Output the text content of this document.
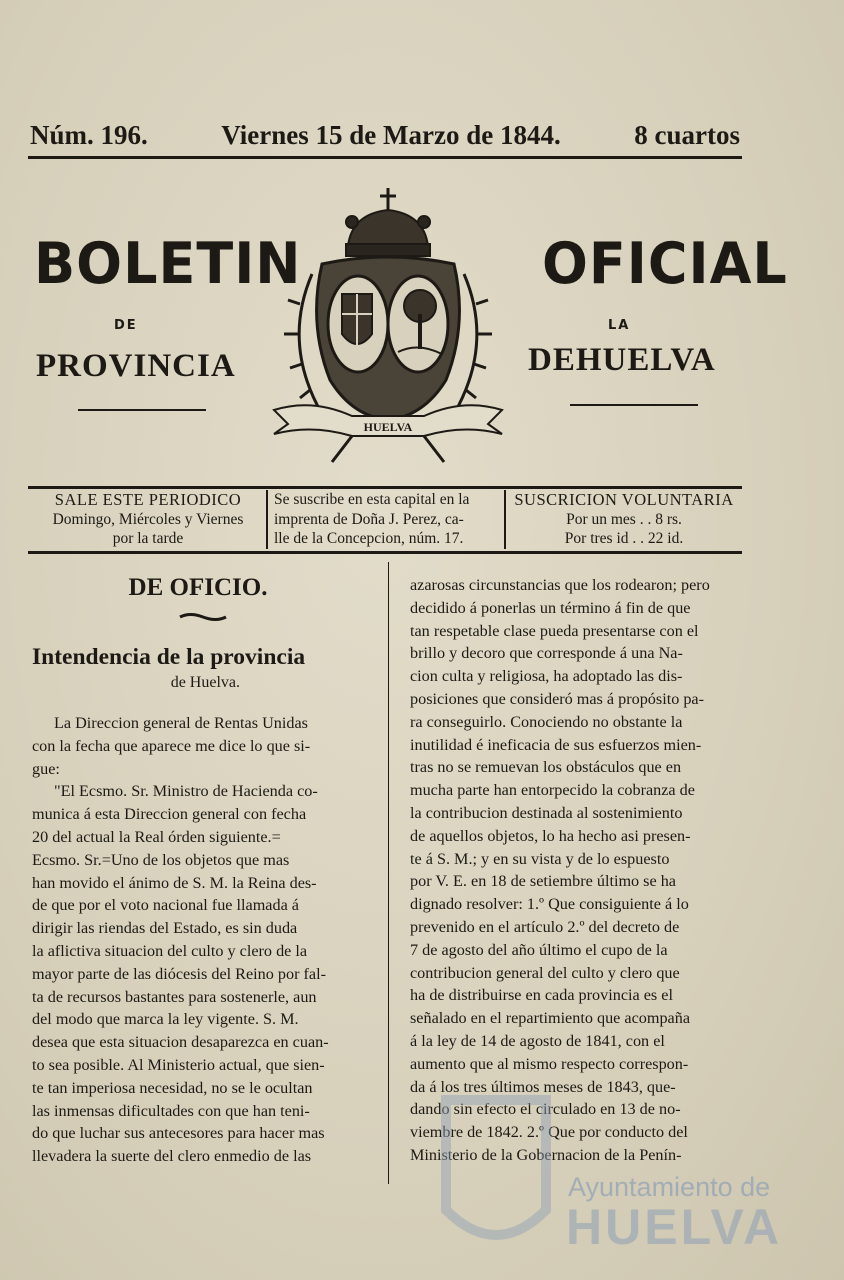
Núm. 196.	Viernes 15 de Marzo de 1844.	8 cuartos
BOLETIN	OFICIAL
DE	LA
PROVINCIA	DEHUELVA
HUELVA
SALE ESTE PERIODICO
Domingo, Miércoles y Viernes
por la tarde
Se suscribe en esta capital en la
imprenta de Doña J. Perez, ca-
lle de la Concepcion, núm. 17.
SUSCRICION VOLUNTARIA
Por un mes . . 8 rs.
Por tres id . . 22 id.
DE OFICIO.
Intendencia de la provincia
de Huelva.

La Direccion general de Rentas Unidas

con la fecha que aparece me dice lo que si-

gue:

"El Ecsmo. Sr. Ministro de Hacienda co-

munica á esta Direccion general con fecha

20 del actual la Real órden siguiente.=

Ecsmo. Sr.=Uno de los objetos que mas

han movido el ánimo de S. M. la Reina des-

de que por el voto nacional fue llamada á

dirigir las riendas del Estado, es sin duda

la aflictiva situacion del culto y clero de la

mayor parte de las diócesis del Reino por fal-

ta de recursos bastantes para sostenerle, aun

del modo que marca la ley vigente. S. M.

desea que esta situacion desaparezca en cuan-

to sea posible. Al Ministerio actual, que sien-

te tan imperiosa necesidad, no se le ocultan

las inmensas dificultades con que han teni-

do que luchar sus antecesores para hacer mas

llevadera la suerte del clero enmedio de las

azarosas circunstancias que los rodearon; pero

decidido á ponerlas un término á fin de que

tan respetable clase pueda presentarse con el

brillo y decoro que corresponde á una Na-

cion culta y religiosa, ha adoptado las dis-

posiciones que consideró mas á propósito pa-

ra conseguirlo. Conociendo no obstante la

inutilidad é ineficacia de sus esfuerzos mien-

tras no se remuevan los obstáculos que en

mucha parte han entorpecido la cobranza de

la contribucion destinada al sostenimiento

de aquellos objetos, lo ha hecho asi presen-

te á S. M.; y en su vista y de lo espuesto

por V. E. en 18 de setiembre último se ha

dignado resolver: 1.º Que consiguiente á lo

prevenido en el artículo 2.º del decreto de

7 de agosto del año último el cupo de la

contribucion general del culto y clero que

ha de distribuirse en cada provincia es el

señalado en el repartimiento que acompaña

á la ley de 14 de agosto de 1841, con el

aumento que al mismo respecto correspon-

da á los tres últimos meses de 1843, que-

dando sin efecto el circulado en 13 de no-

viembre de 1842. 2.º Que por conducto del

Ministerio de la Gobernacion de la Penín-

Ayuntamiento de
HUELVA
